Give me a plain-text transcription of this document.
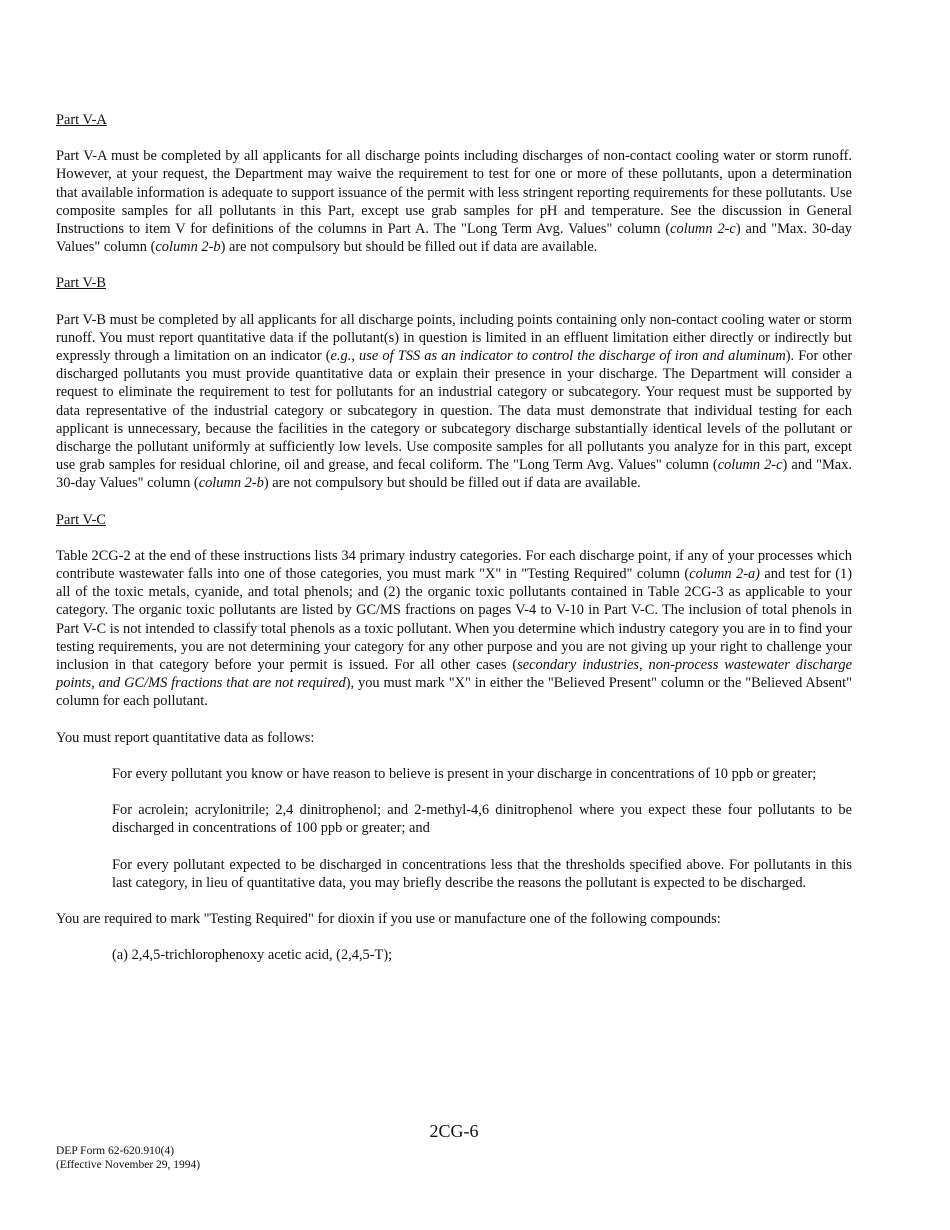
Part V-A

Part V-A must be completed by all applicants for all discharge points including discharges of non-contact cooling water or storm runoff. However, at your request, the Department may waive the requirement to test for one or more of these pollutants, upon a determination that available information is adequate to support issuance of the permit with less stringent reporting requirements for these pollutants. Use composite samples for all pollutants in this Part, except use grab samples for pH and temperature. See the discussion in General Instructions to item V for definitions of the columns in Part A. The "Long Term Avg. Values" column (column 2-c) and "Max. 30-day Values" column (column 2-b) are not compulsory but should be filled out if data are available.

Part V-B

Part V-B must be completed by all applicants for all discharge points, including points containing only non-contact cooling water or storm runoff. You must report quantitative data if the pollutant(s) in question is limited in an effluent limitation either directly or indirectly but expressly through a limitation on an indicator (e.g., use of TSS as an indicator to control the discharge of iron and aluminum). For other discharged pollutants you must provide quantitative data or explain their presence in your discharge. The Department will consider a request to eliminate the requirement to test for pollutants for an industrial category or subcategory. Your request must be supported by data representative of the industrial category or subcategory in question. The data must demonstrate that individual testing for each applicant is unnecessary, because the facilities in the category or subcategory discharge substantially identical levels of the pollutant or discharge the pollutant uniformly at sufficiently low levels. Use composite samples for all pollutants you analyze for in this part, except use grab samples for residual chlorine, oil and grease, and fecal coliform. The "Long Term Avg. Values" column (column 2-c) and "Max. 30-day Values" column (column 2-b) are not compulsory but should be filled out if data are available.

Part V-C

Table 2CG-2 at the end of these instructions lists 34 primary industry categories. For each discharge point, if any of your processes which contribute wastewater falls into one of those categories, you must mark "X" in "Testing Required" column (column 2-a) and test for (1) all of the toxic metals, cyanide, and total phenols; and (2) the organic toxic pollutants contained in Table 2CG-3 as applicable to your category. The organic toxic pollutants are listed by GC/MS fractions on pages V-4 to V-10 in Part V-C. The inclusion of total phenols in Part V-C is not intended to classify total phenols as a toxic pollutant. When you determine which industry category you are in to find your testing requirements, you are not determining your category for any other purpose and you are not giving up your right to challenge your inclusion in that category before your permit is issued. For all other cases (secondary industries, non-process wastewater discharge points, and GC/MS fractions that are not required), you must mark "X" in either the "Believed Present" column or the "Believed Absent" column for each pollutant.

You must report quantitative data as follows:

For every pollutant you know or have reason to believe is present in your discharge in concentrations of 10 ppb or greater;

For acrolein; acrylonitrile; 2,4 dinitrophenol; and 2-methyl-4,6 dinitrophenol where you expect these four pollutants to be discharged in concentrations of 100 ppb or greater; and

For every pollutant expected to be discharged in concentrations less that the thresholds specified above. For pollutants in this last category, in lieu of quantitative data, you may briefly describe the reasons the pollutant is expected to be discharged.

You are required to mark "Testing Required" for dioxin if you use or manufacture one of the following compounds:

(a) 2,4,5-trichlorophenoxy acetic acid, (2,4,5-T);

2CG-6
DEP Form 62-620.910(4)
(Effective November 29, 1994)
